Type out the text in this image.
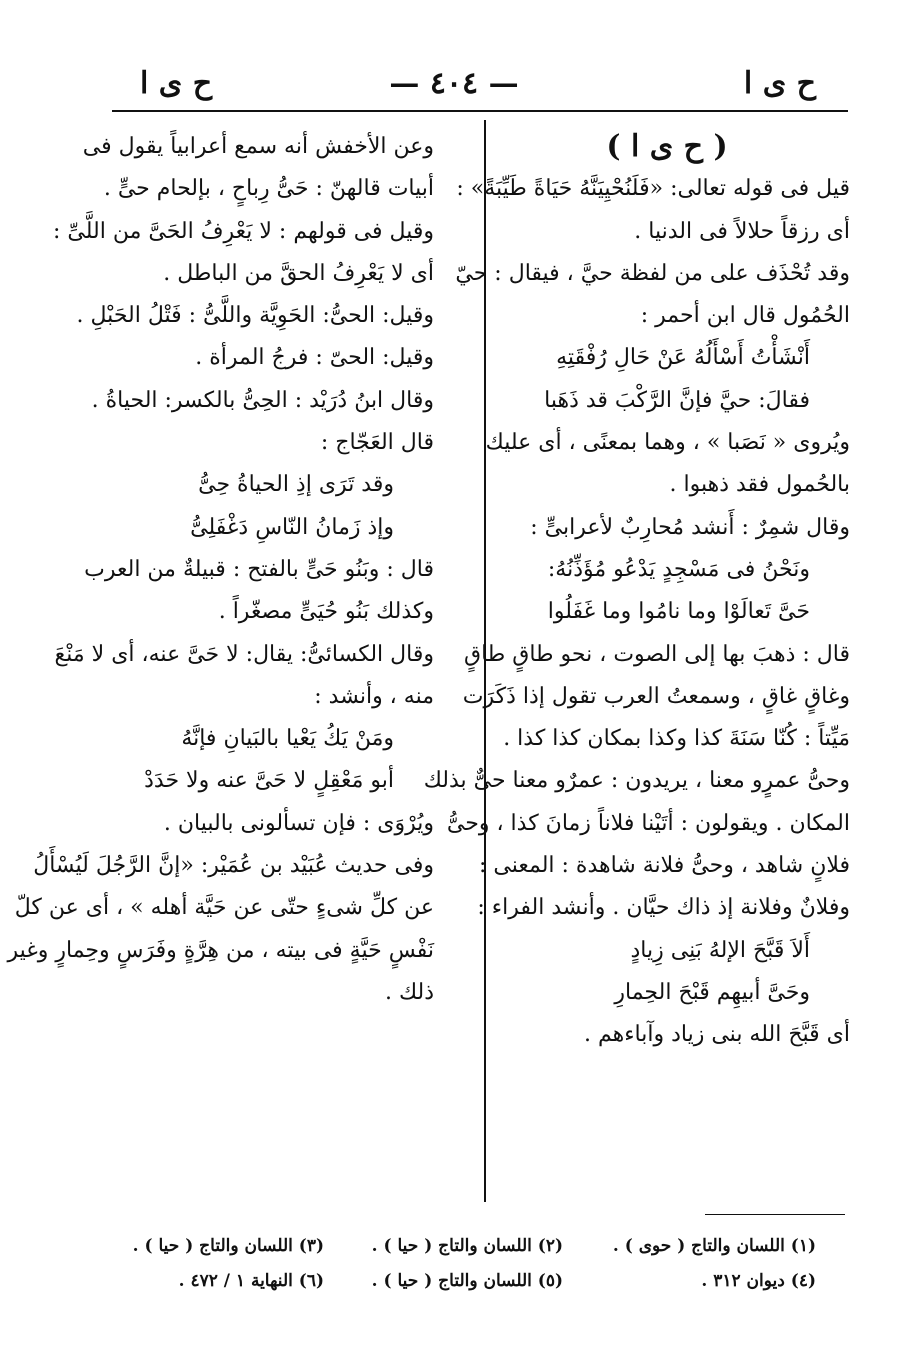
ح ى ا
— ٤٠٤ —
ح ى ا
( ح ى ا )
قيل فى قوله تعالى: «فَلَنُحْيِيَنَّهُ حَيَاةً طَيِّبَةً» :
أى رزقاً حلالاً فى الدنيا .
وقد تُحْذَف على من لفظة حيَّ ، فيقال : حيّ
الحُمُول قال ابن أحمر :
أَنْشَأْتُ أَسْأَلُهُ عَنْ حَالِ رُفْقَتِهِ
فقالَ: حيَّ فإنَّ الرَّكْبَ قد ذَهَبا
ويُروى « نَصَبا » ، وهما بمعنًى ، أى عليك
بالحُمول فقد ذهبوا .
وقال شمِرٌ : أَنشد مُحارِبٌ لأعرابىٍّ :
ونَحْنُ فى مَسْجِدٍ يَدْعُو مُؤَذِّنُهُ:
حَىَّ تَعالَوْا وما نامُوا وما غَفَلُوا
قال : ذهبَ بها إلى الصوت ، نحو طاقٍ طاقٍ
وغاقٍ غاقٍ ، وسمعتُ العرب تقول إذا ذَكَرَت
مَيِّتاً : كُنّا سَنَةَ كذا وكذا بمكان كذا كذا .
وحىُّ عمرٍو معنا ، يريدون : عمرٌو معنا حىٌّ بذلك
المكان . ويقولون : أتَيْنا فلاناً زمانَ كذا ، وحىُّ
فلانٍ شاهد ، وحىُّ فلانة شاهدة : المعنى :
وفلانٌ وفلانة إذ ذاك حيَّان . وأنشد الفراء :
أَلاَ قَبَّحَ الإلهُ بَنِى زِيادٍ
وحَىَّ أبيهِم قَبْحَ الحِمارِ
أى قَبَّحَ الله بنى زياد وآباءهم .
وعن الأخفش أنه سمع أعرابياً يقول فى
أبيات قالهنّ : حَىُّ رِباحٍ ، بإلحام حىٍّ .
وقيل فى قولهم : لا يَعْرِفُ الحَىَّ من اللَّىِّ :
أى لا يَعْرِفُ الحقَّ من الباطل .
وقيل: الحىُّ: الحَوِيَّة واللَّىُّ : فَتْلُ الحَبْلِ .
وقيل: الحىّ : فرجُ المرأة .
وقال ابنُ دُرَيْد : الحِىُّ بالكسر: الحياةُ .
قال العَجّاج :
وقد تَرَى إذِ الحياةُ حِىُّ
وإذ زَمانُ النّاسِ دَغْفَلِىُّ
قال : وبَنُو حَىٍّ بالفتح : قبيلةٌ من العرب
وكذلك بَنُو حُيَىٍّ مصغّراً .
وقال الكسائىُّ: يقال: لا حَىَّ عنه، أى لا مَنْعَ
منه ، وأنشد :
ومَنْ يَكُ يَعْيا بالبَيانِ فإنَّهُ
أبو مَعْقِلٍ لا حَىَّ عنه ولا حَدَدْ
ويُرْوَى : فإن تسألونى بالبيان .
وفى حديث عُبَيْد بن عُمَيْر: «إنَّ الرَّجُلَ لَيُسْأَلُ
عن كلِّ شىءٍ حتّى عن حَيَّة أهله » ، أى عن كلّ
نَفْسٍ حَيَّةٍ فى بيته ، من هِرَّةٍ وفَرَسٍ وحِمارٍ وغير
ذلك .
(١) اللسان والتاج ( حوى ) .
(٢) اللسان والتاج ( حيا ) .
(٣) اللسان والتاج ( حيا ) .
(٤) ديوان ٣١٢ .
(٥) اللسان والتاج ( حيا ) .
(٦) النهاية ١ / ٤٧٢ .
